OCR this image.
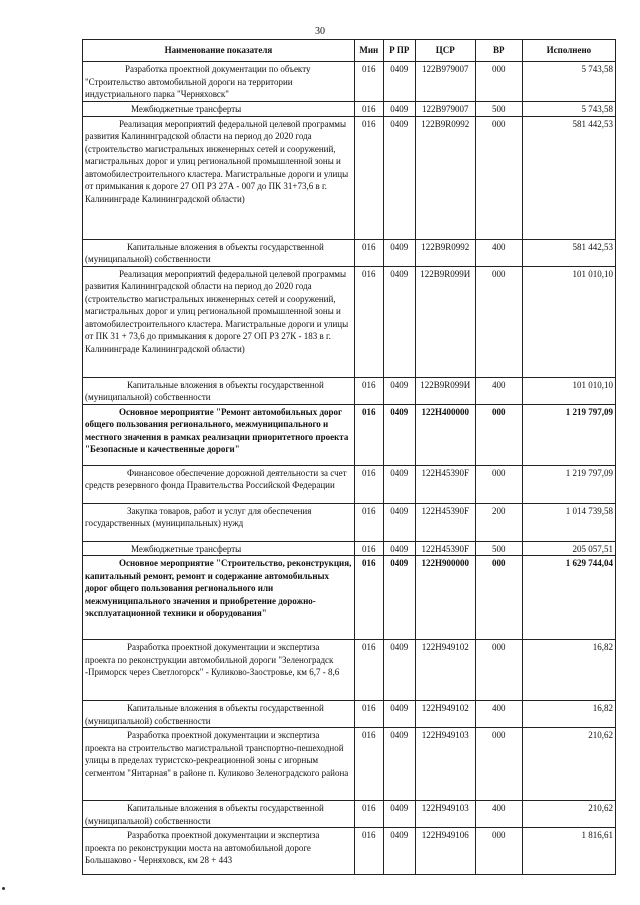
30
Наименование показателя	Мин	Р ПР	ЦСР	ВР	Исполнено
Разработка проектной документации по объекту "Строительство автомобильной дороги на территории индустриального парка "Черняховск"	016	0409	122В979007	000	5 743,58
Межбюджетные трансферты	016	0409	122В979007	500	5 743,58
Реализация мероприятий федеральной целевой программы развития Калининградской области на период до 2020 года (строительство магистральных инженерных сетей и сооружений, магистральных дорог и улиц региональной промышленной зоны и автомобилестроительного кластера. Магистральные дороги и улицы от примыкания к дороге 27 ОП РЗ 27А - 007 до ПК 31+73,6 в г. Калининграде Калининградской области)	016	0409	122В9R0992	000	581 442,53
Капитальные вложения в объекты государственной (муниципальной) собственности	016	0409	122В9R0992	400	581 442,53
Реализация мероприятий федеральной целевой программы развития Калининградской области на период до 2020 года (строительство магистральных инженерных сетей и сооружений, магистральных дорог и улиц региональной промышленной зоны и автомобилестроительного кластера. Магистральные дороги и улицы от ПК 31 + 73,6 до примыкания к дороге 27 ОП РЗ 27К - 183 в г. Калининграде Калининградской области)	016	0409	122В9R099И	000	101 010,10
Капитальные вложения в объекты государственной (муниципальной) собственности	016	0409	122В9R099И	400	101 010,10
Основное мероприятие "Ремонт автомобильных дорог общего пользования регионального, межмуниципального и местного значения в рамках реализации приоритетного проекта "Безопасные и качественные дороги"	016	0409	122Н400000	000	1 219 797,09
Финансовое обеспечение дорожной деятельности за счет средств резервного фонда Правительства Российской Федерации	016	0409	122Н45390F	000	1 219 797,09
Закупка товаров, работ и услуг для обеспечения государственных (муниципальных) нужд	016	0409	122Н45390F	200	1 014 739,58
Межбюджетные трансферты	016	0409	122Н45390F	500	205 057,51
Основное мероприятие "Строительство, реконструкция, капитальный ремонт, ремонт и содержание автомобильных дорог общего пользования регионального или межмуниципального значения и приобретение дорожно-эксплуатационной техники и оборудования"	016	0409	122Н900000	000	1 629 744,04
Разработка проектной документации и экспертиза проекта по реконструкции автомобильной дороги "Зеленоградск -Приморск через Светлогорск" - Куликово-Заостровье, км 6,7 - 8,6	016	0409	122Н949102	000	16,82
Капитальные вложения в объекты государственной (муниципальной) собственности	016	0409	122Н949102	400	16,82
Разработка проектной документации и экспертиза проекта на строительство магистральной транспортно-пешеходной улицы в пределах туристско-рекреационной зоны с игорным сегментом "Янтарная" в районе п. Куликово Зеленоградского района	016	0409	122Н949103	000	210,62
Капитальные вложения в объекты государственной (муниципальной) собственности	016	0409	122Н949103	400	210,62
Разработка проектной документации и экспертиза проекта по реконструкции моста на автомобильной дороге Большаково - Черняховск, км 28 + 443	016	0409	122Н949106	000	1 816,61
